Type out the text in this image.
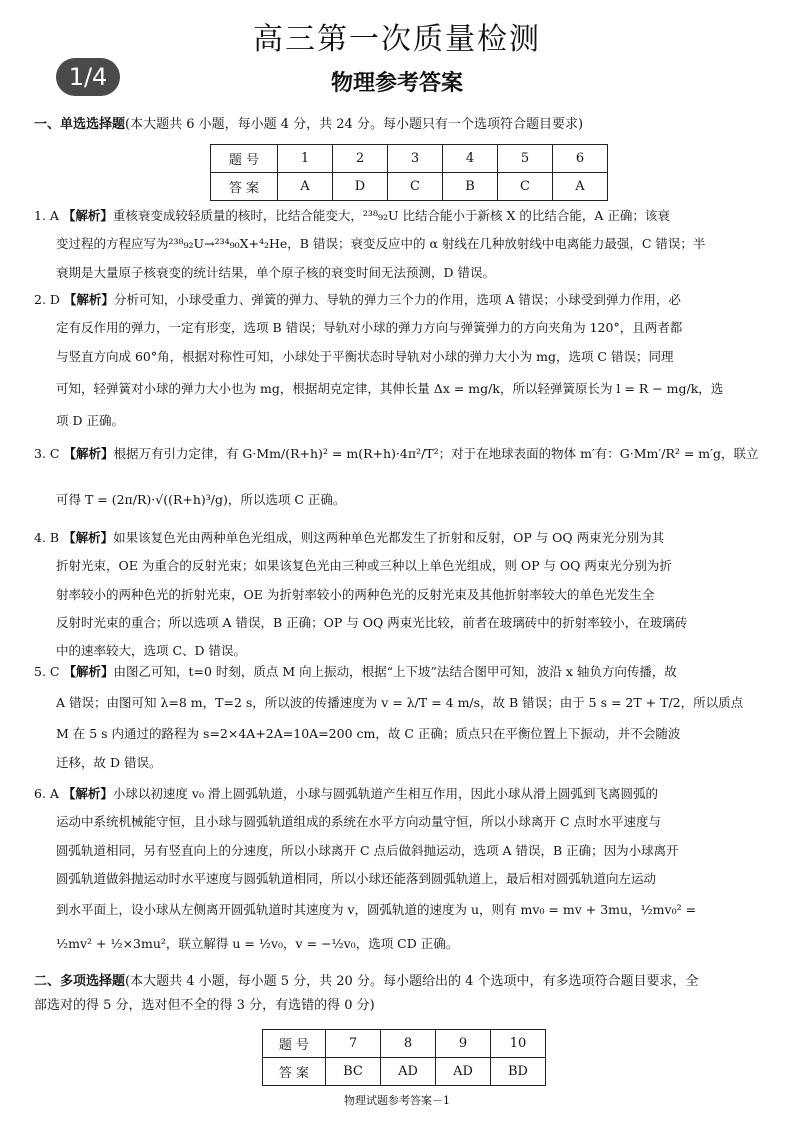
高三第一次质量检测
1/4	物理参考答案
一、单选选择题(本大题共 6 小题，每小题 4 分，共 24 分。每小题只有一个选项符合题目要求)
题 号	1	2	3	4	5	6
答 案	A	D	C	B	C	A

1. A 【解析】重核衰变成较轻质量的核时，比结合能变大，²³⁸₉₂U 比结合能小于新核 X 的比结合能，A 正确；该衰

变过程的方程应写为²³⁸₉₂U→²³⁴₉₀X+⁴₂He，B 错误；衰变反应中的 α 射线在几种放射线中电离能力最强，C 错误；半

衰期是大量原子核衰变的统计结果，单个原子核的衰变时间无法预测，D 错误。

2. D 【解析】分析可知，小球受重力、弹簧的弹力、导轨的弹力三个力的作用，选项 A 错误；小球受到弹力作用，必

定有反作用的弹力，一定有形变，选项 B 错误；导轨对小球的弹力方向与弹簧弹力的方向夹角为 120°，且两者都

与竖直方向成 60°角，根据对称性可知，小球处于平衡状态时导轨对小球的弹力大小为 mg，选项 C 错误；同理

可知，轻弹簧对小球的弹力大小也为 mg，根据胡克定律，其伸长量 Δx = mg/k，所以轻弹簧原长为 l = R − mg/k，选

项 D 正确。

3. C 【解析】根据万有引力定律，有 G·Mm/(R+h)² = m(R+h)·4π²/T²；对于在地球表面的物体 m′有：G·Mm′/R² = m′g，联立

可得 T = (2π/R)·√((R+h)³/g)，所以选项 C 正确。

4. B 【解析】如果该复色光由两种单色光组成，则这两种单色光都发生了折射和反射，OP 与 OQ 两束光分别为其

折射光束，OE 为重合的反射光束；如果该复色光由三种或三种以上单色光组成，则 OP 与 OQ 两束光分别为折

射率较小的两种色光的折射光束，OE 为折射率较小的两种色光的反射光束及其他折射率较大的单色光发生全

反射时光束的重合；所以选项 A 错误，B 正确；OP 与 OQ 两束光比较，前者在玻璃砖中的折射率较小，在玻璃砖

中的速率较大，选项 C、D 错误。

5. C 【解析】由图乙可知，t=0 时刻，质点 M 向上振动，根据“上下坡”法结合图甲可知，波沿 x 轴负方向传播，故

A 错误；由图可知 λ=8 m，T=2 s，所以波的传播速度为 v = λ/T = 4 m/s，故 B 错误；由于 5 s = 2T + T/2，所以质点

M 在 5 s 内通过的路程为 s=2×4A+2A=10A=200 cm，故 C 正确；质点只在平衡位置上下振动，并不会随波

迁移，故 D 错误。

6. A 【解析】小球以初速度 v₀ 滑上圆弧轨道，小球与圆弧轨道产生相互作用，因此小球从滑上圆弧到飞离圆弧的

运动中系统机械能守恒，且小球与圆弧轨道组成的系统在水平方向动量守恒，所以小球离开 C 点时水平速度与

圆弧轨道相同，另有竖直向上的分速度，所以小球离开 C 点后做斜抛运动，选项 A 错误，B 正确；因为小球离开

圆弧轨道做斜抛运动时水平速度与圆弧轨道相同，所以小球还能落到圆弧轨道上，最后相对圆弧轨道向左运动

到水平面上，设小球从左侧离开圆弧轨道时其速度为 v，圆弧轨道的速度为 u，则有 mv₀ = mv + 3mu，½mv₀² =

½mv² + ½×3mu²，联立解得 u = ½v₀，v = −½v₀，选项 CD 正确。

二、多项选择题(本大题共 4 小题，每小题 5 分，共 20 分。每小题给出的 4 个选项中，有多选项符合题目要求，全
部选对的得 5 分，选对但不全的得 3 分，有选错的得 0 分)
题 号	7	8	9	10
答 案	BC	AD	AD	BD
物理试题参考答案－1
